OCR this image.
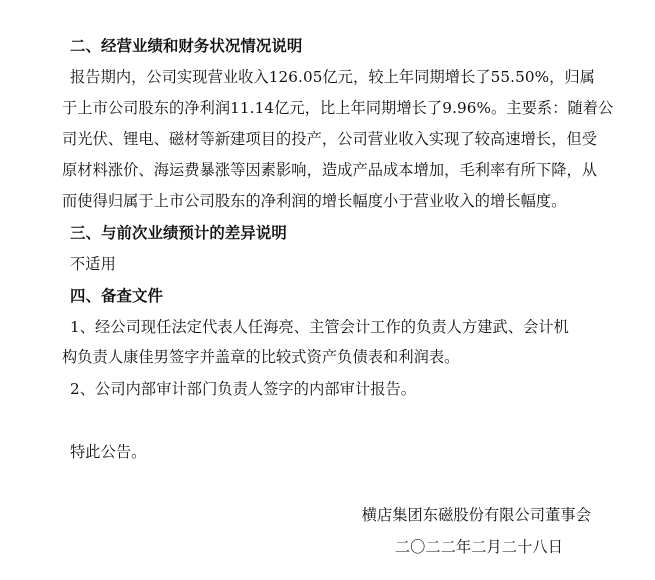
二、经营业绩和财务状况情况说明
报告期内，公司实现营业收入126.05亿元，较上年同期增长了55.50%，归属
于上市公司股东的净利润11.14亿元，比上年同期增长了9.96%。主要系：随着公
司光伏、锂电、磁材等新建项目的投产，公司营业收入实现了较高速增长，但受
原材料涨价、海运费暴涨等因素影响，造成产品成本增加，毛利率有所下降，从
而使得归属于上市公司股东的净利润的增长幅度小于营业收入的增长幅度。
三、与前次业绩预计的差异说明
不适用
四、备查文件
1、经公司现任法定代表人任海亮、主管会计工作的负责人方建武、会计机
构负责人康佳男签字并盖章的比较式资产负债表和利润表。
2、公司内部审计部门负责人签字的内部审计报告。
特此公告。
横店集团东磁股份有限公司董事会
二〇二二年二月二十八日
